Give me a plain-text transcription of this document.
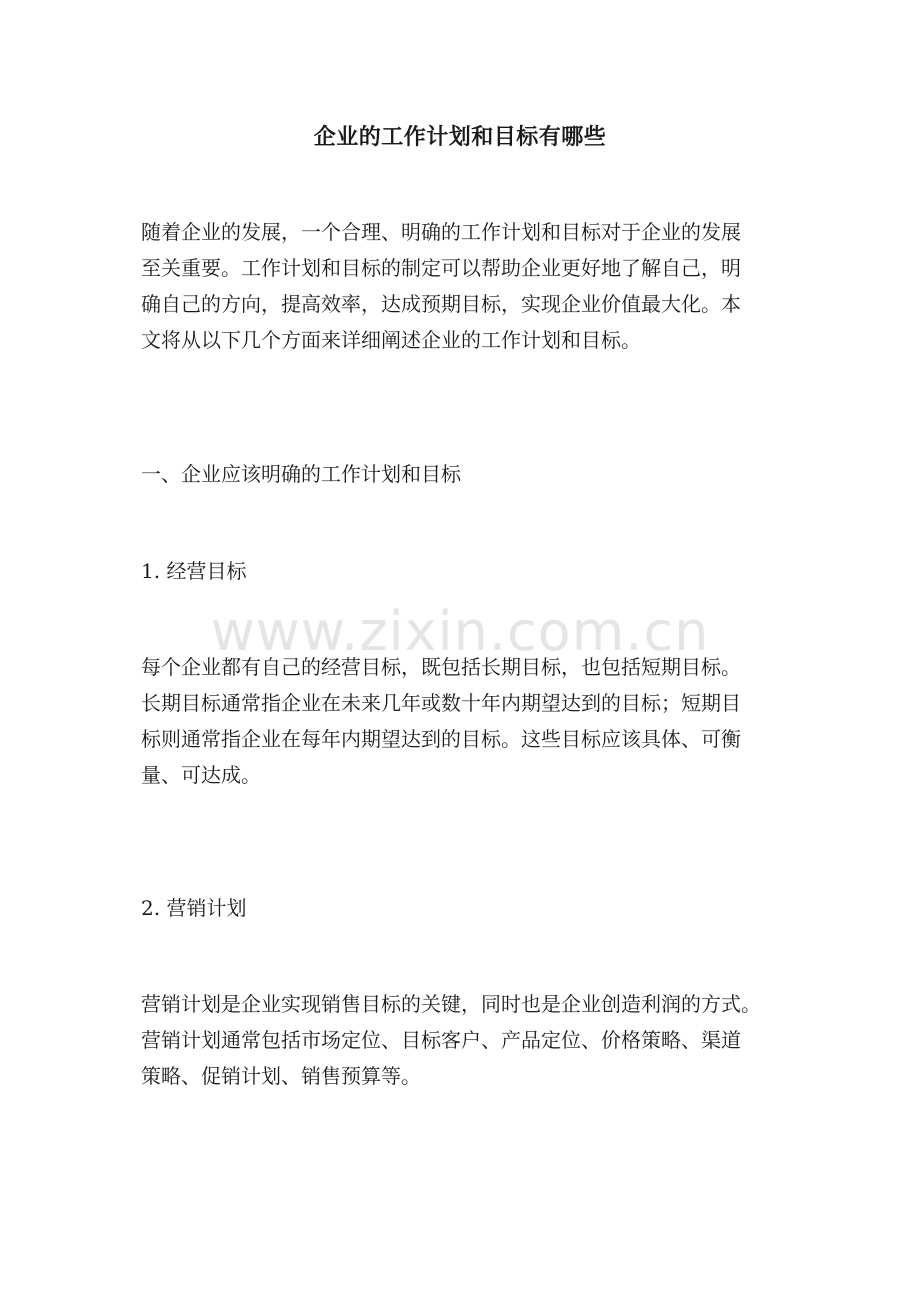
www.zixin.com.cn
企业的工作计划和目标有哪些
随着企业的发展，一个合理、明确的工作计划和目标对于企业的发展
至关重要。工作计划和目标的制定可以帮助企业更好地了解自己，明
确自己的方向，提高效率，达成预期目标，实现企业价值最大化。本
文将从以下几个方面来详细阐述企业的工作计划和目标。

一、企业应该明确的工作计划和目标

1. 经营目标

每个企业都有自己的经营目标，既包括长期目标，也包括短期目标。
长期目标通常指企业在未来几年或数十年内期望达到的目标；短期目
标则通常指企业在每年内期望达到的目标。这些目标应该具体、可衡
量、可达成。

2. 营销计划

营销计划是企业实现销售目标的关键，同时也是企业创造利润的方式。
营销计划通常包括市场定位、目标客户、产品定位、价格策略、渠道
策略、促销计划、销售预算等。
